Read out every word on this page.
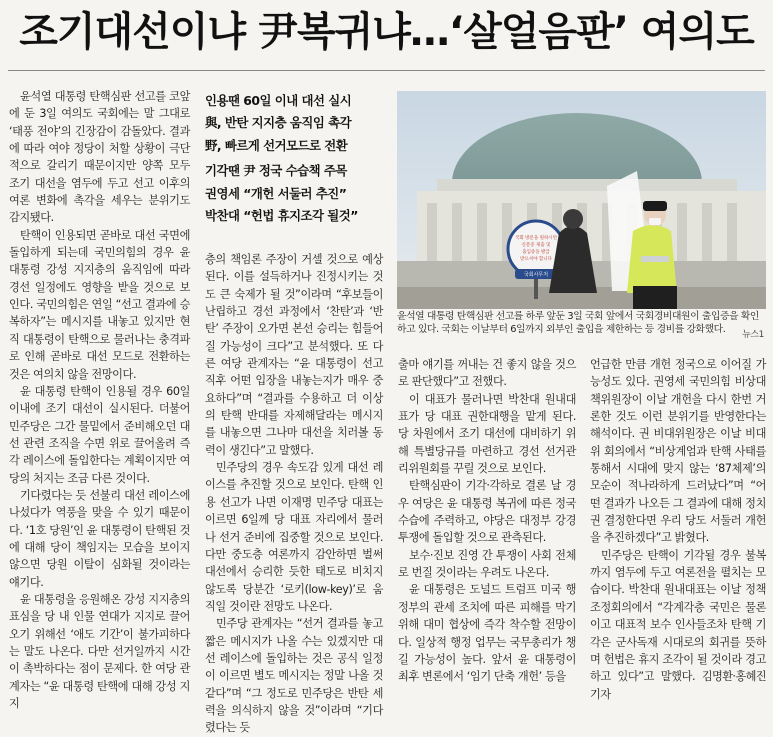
조기대선이냐 尹복귀냐…‘살얼음판’ 여의도

윤석열 대통령 탄핵심판 선고를 코앞에 둔 3일 여의도 국회에는 말 그대로 ‘태풍 전야’의 긴장감이 감돌았다. 결과에 따라 여야 정당이 처할 상황이 극단적으로 갈리기 때문이지만 양쪽 모두 조기 대선을 염두에 두고 선고 이후의 여론 변화에 촉각을 세우는 분위기도 감지됐다.

탄핵이 인용되면 곧바로 대선 국면에 돌입하게 되는데 국민의힘의 경우 윤 대통령 강성 지지층의 움직임에 따라 경선 일정에도 영향을 받을 것으로 보인다. 국민의힘은 연일 “선고 결과에 승복하자”는 메시지를 내놓고 있지만 현직 대통령이 탄핵으로 물러나는 충격파로 인해 곧바로 대선 모드로 전환하는 것은 여의치 않을 전망이다.

윤 대통령 탄핵이 인용될 경우 60일 이내에 조기 대선이 실시된다. 더불어민주당은 그간 물밑에서 준비해오던 대선 관련 조직을 수면 위로 끌어올려 즉각 레이스에 돌입한다는 계획이지만 여당의 처지는 조금 다른 것이다.

기다렸다는 듯 선불리 대선 레이스에 나섰다가 역풍을 맞을 수 있기 때문이다. ‘1호 당원’인 윤 대통령이 탄핵된 것에 대해 당이 책임지는 모습을 보이지 않으면 당원 이탈이 심화될 것이라는 얘기다.

윤 대통령을 응원해온 강성 지지층의 표심을 당 내 인물 연대가 지지로 끌어오기 위해선 ‘애도 기간’이 불가피하다는 말도 나온다. 다만 선거일까지 시간이 촉박하다는 점이 문제다. 한 여당 관계자는 “윤 대통령 탄핵에 대해 강성 지지

인용땐 60일 이내 대선 실시
與, 반탄 지지층 움직임 촉각
野, 빠르게 선거모드로 전환
기각땐 尹 정국 수습책 주목
권영세 “개헌 서둘러 추진”
박찬대 “헌법 휴지조각 될것”

층의 책임론 주장이 거셀 것으로 예상된다. 이를 설득하거나 진정시키는 것도 큰 숙제가 될 것”이라며 “후보들이 난립하고 경선 과정에서 ‘찬탄’과 ‘반탄’ 주장이 오가면 본선 승리는 힘들어질 가능성이 크다”고 분석했다. 또 다른 여당 관계자는 “윤 대통령이 선고 직후 어떤 입장을 내놓는지가 매우 중요하다”며 “결과를 수용하고 더 이상의 탄핵 반대를 자제해달라는 메시지를 내놓으면 그나마 대선을 치러볼 동력이 생긴다”고 말했다.

민주당의 경우 속도감 있게 대선 레이스를 추진할 것으로 보인다. 탄핵 인용 선고가 나면 이재명 민주당 대표는 이르면 6일께 당 대표 자리에서 물러나 선거 준비에 집중할 것으로 보인다. 다만 중도층 여론까지 감안하면 벌써 대선에서 승리한 듯한 태도로 비치지 않도록 당분간 ‘로키(low-key)’로 움직일 것이란 전망도 나온다.

민주당 관계자는 “선거 결과를 놓고 짧은 메시지가 나올 수는 있겠지만 대선 레이스에 돌입하는 것은 공식 일정이 이르면 별도 메시지는 정말 나올 것 같다”며 “그 정도로 민주당은 반탄 세력을 의식하지 않을 것”이라며 “기다렸다는 듯

국회 방문을 원하시면
신분증 제출 및
출입증을 발급
받으셔야 합니다
국회사무처
윤석열 대통령 탄핵심판 선고를 하루 앞둔 3일 국회 앞에서 국회경비대원이 출입증을 확인하고 있다. 국회는 이날부터 6일까지 외부인 출입을 제한하는 등 경비를 강화했다. 뉴스1

출마 얘기를 꺼내는 건 좋지 않을 것으로 판단했다”고 전했다.

이 대표가 물러나면 박찬대 원내대표가 당 대표 권한대행을 맡게 된다. 당 차원에서 조기 대선에 대비하기 위해 특별당규를 마련하고 경선 선거관리위원회를 꾸릴 것으로 보인다.

탄핵심판이 기각·각하로 결론 날 경우 여당은 윤 대통령 복귀에 따른 정국 수습에 주력하고, 야당은 대정부 강경 투쟁에 돌입할 것으로 관측된다.

보수·진보 진영 간 투쟁이 사회 전체로 번질 것이라는 우려도 나온다.

윤 대통령은 도널드 트럼프 미국 행정부의 관세 조치에 따른 피해를 막기 위해 대미 협상에 즉각 착수할 전망이다. 일상적 행정 업무는 국무총리가 챙길 가능성이 높다. 앞서 윤 대통령이 최후 변론에서 ‘임기 단축 개헌’ 등을

언급한 만큼 개헌 정국으로 이어질 가능성도 있다. 권영세 국민의힘 비상대책위원장이 이날 개헌을 다시 한번 거론한 것도 이런 분위기를 반영한다는 해석이다. 권 비대위원장은 이날 비대위 회의에서 “비상계엄과 탄핵 사태를 통해서 시대에 맞지 않는 ‘87체제’의 모순이 적나라하게 드러났다”며 “어떤 결과가 나오든 그 결과에 대해 정치권 결정한다면 우리 당도 서둘러 개헌을 추진하겠다”고 밝혔다.

민주당은 탄핵이 기각될 경우 불복까지 염두에 두고 여론전을 펼치는 모습이다. 박찬대 원내대표는 이날 정책조정회의에서 “각계각층 국민은 물론이고 대표적 보수 인사들조차 탄핵 기각은 군사독재 시대로의 회귀를 뜻하며 헌법은 휴지 조각이 될 것이라 경고하고 있다”고 말했다. 김명환·홍혜진 기자
